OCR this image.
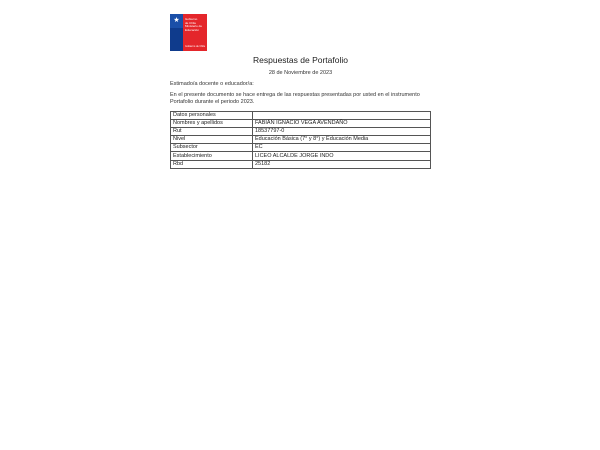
★ Gobierno
de Chile
Ministerio de
Educación
Gobierno de Chile
Respuestas de Portafolio
28 de Noviembre de 2023
Estimado/a docente o educador/a:
En el presente documento se hace entrega de las respuestas presentadas por usted en el instrumento Portafolio durante el periodo 2023.
Datos personales	
Nombres y apellidos	FABIÁN IGNACIO VEGA AVENDAÑO
Rut	18537797-0
Nivel	Educación Básica (7° y 8°) y Educación Media
Subsector	EC
Establecimiento	LICEO ALCALDE JORGE INDO
Rbd	25182
